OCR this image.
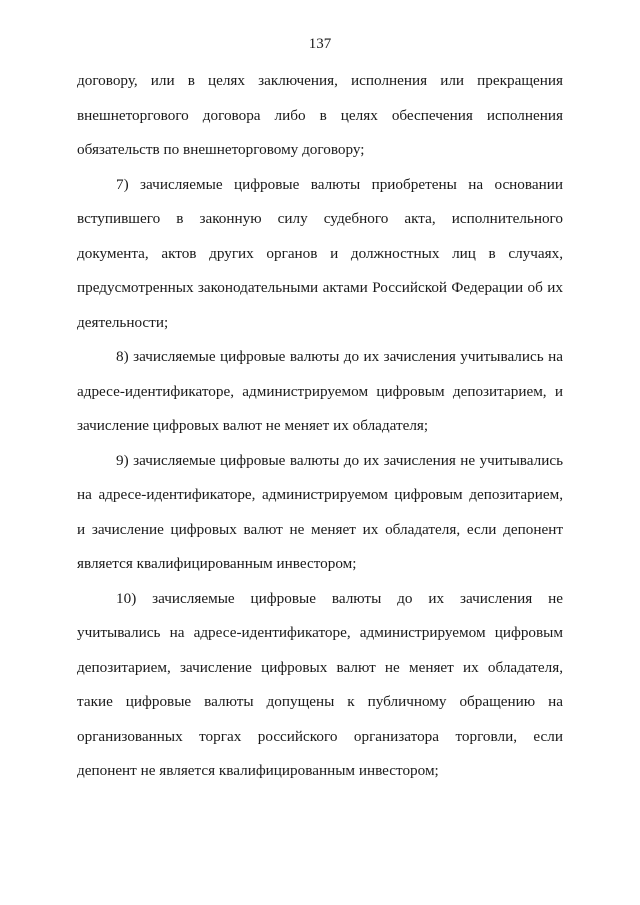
137

договору, или в целях заключения, исполнения или прекращения внешнеторгового договора либо в целях обеспечения исполнения обязательств по внешнеторговому договору;

7) зачисляемые цифровые валюты приобретены на основании вступившего в законную силу судебного акта, исполнительного документа, актов других органов и должностных лиц в случаях, предусмотренных законодательными актами Российской Федерации об их деятельности;

8) зачисляемые цифровые валюты до их зачисления учитывались на адресе-идентификаторе, администрируемом цифровым депозитарием, и зачисление цифровых валют не меняет их обладателя;

9) зачисляемые цифровые валюты до их зачисления не учитывались на адресе-идентификаторе, администрируемом цифровым депозитарием, и зачисление цифровых валют не меняет их обладателя, если депонент является квалифицированным инвестором;

10) зачисляемые цифровые валюты до их зачисления не учитывались на адресе-идентификаторе, администрируемом цифровым депозитарием, зачисление цифровых валют не меняет их обладателя, такие цифровые валюты допущены к публичному обращению на организованных торгах российского организатора торговли, если депонент не является квалифицированным инвестором;
